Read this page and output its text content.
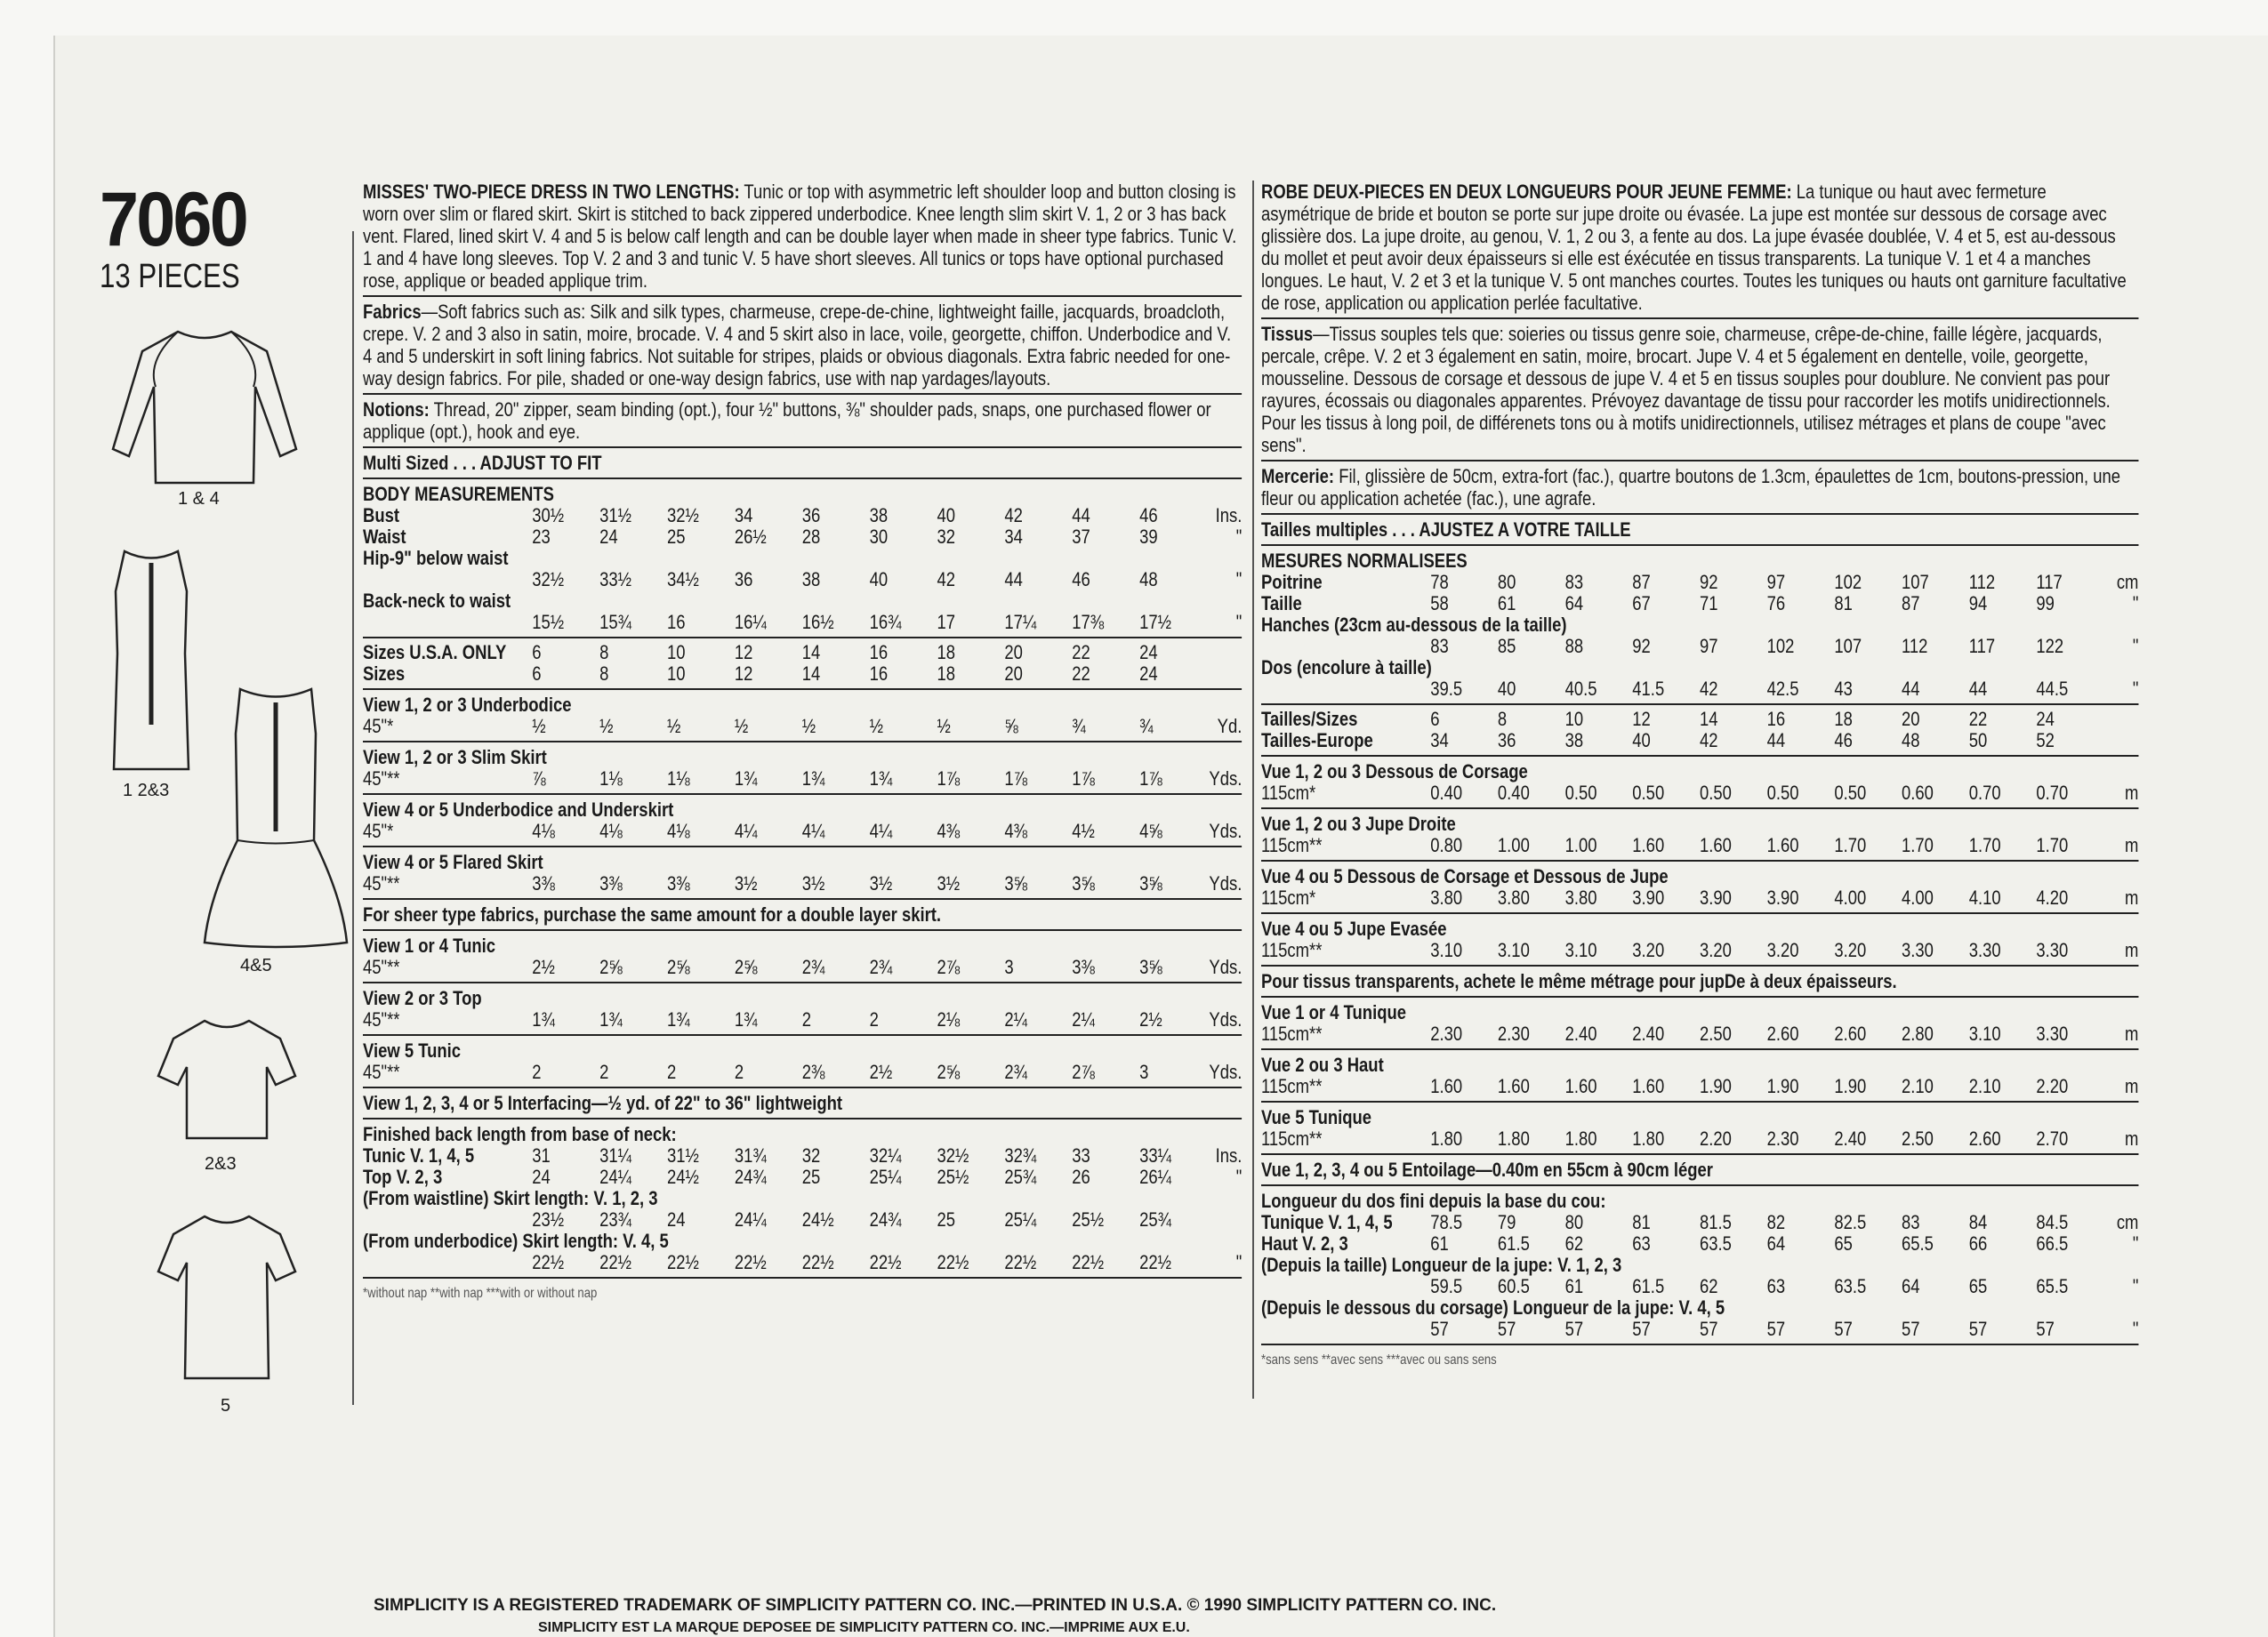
7060
13 PIECES
1 & 4
1 2&3
4&5
2&3
5
MISSES' TWO-PIECE DRESS IN TWO LENGTHS: Tunic or top with asymmetric left shoulder loop and button closing is worn over slim or flared skirt. Skirt is stitched to back zippered underbodice. Knee length slim skirt V. 1, 2 or 3 has back vent. Flared, lined skirt V. 4 and 5 is below calf length and can be double layer when made in sheer type fabrics. Tunic V. 1 and 4 have long sleeves. Top V. 2 and 3 and tunic V. 5 have short sleeves. All tunics or tops have optional purchased rose, applique or beaded applique trim.
Fabrics—Soft fabrics such as: Silk and silk types, charmeuse, crepe-de-chine, lightweight faille, jacquards, broadcloth, crepe. V. 2 and 3 also in satin, moire, brocade. V. 4 and 5 skirt also in lace, voile, georgette, chiffon. Underbodice and V. 4 and 5 underskirt in soft lining fabrics. Not suitable for stripes, plaids or obvious diagonals. Extra fabric needed for one-way design fabrics. For pile, shaded or one-way design fabrics, use with nap yardages/layouts.
Notions: Thread, 20" zipper, seam binding (opt.), four ½" buttons, ⅜" shoulder pads, snaps, one purchased flower or applique (opt.), hook and eye.
Multi Sized . . . ADJUST TO FIT
BODY MEASUREMENTS
Bust	30½	31½	32½	34	36	38	40	42	44	46	Ins.
Waist	23	24	25	26½	28	30	32	34	37	39	"
Hip-9" below waist
32½	33½	34½	36	38	40	42	44	46	48	"
Back-neck to waist
15½	15¾	16	16¼	16½	16¾	17	17¼	17⅜	17½	"
Sizes U.S.A. ONLY	6	8	10	12	14	16	18	20	22	24
Sizes	6	8	10	12	14	16	18	20	22	24
View 1, 2 or 3 Underbodice
45"*	½	½	½	½	½	½	½	⅝	¾	¾	Yd.
View 1, 2 or 3 Slim Skirt
45"**	⅞	1⅛	1⅛	1¾	1¾	1¾	1⅞	1⅞	1⅞	1⅞	Yds.
View 4 or 5 Underbodice and Underskirt
45"*	4⅛	4⅛	4⅛	4¼	4¼	4¼	4⅜	4⅜	4½	4⅝	Yds.
View 4 or 5 Flared Skirt
45"**	3⅜	3⅜	3⅜	3½	3½	3½	3½	3⅝	3⅝	3⅝	Yds.
For sheer type fabrics, purchase the same amount for a double layer skirt.
View 1 or 4 Tunic
45"**	2½	2⅝	2⅝	2⅝	2¾	2¾	2⅞	3	3⅜	3⅝	Yds.
View 2 or 3 Top
45"**	1¾	1¾	1¾	1¾	2	2	2⅛	2¼	2¼	2½	Yds.
View 5 Tunic
45"**	2	2	2	2	2⅜	2½	2⅝	2¾	2⅞	3	Yds.
View 1, 2, 3, 4 or 5 Interfacing—½ yd. of 22" to 36" lightweight
Finished back length from base of neck:
Tunic V. 1, 4, 5	31	31¼	31½	31¾	32	32¼	32½	32¾	33	33¼	Ins.
Top V. 2, 3	24	24¼	24½	24¾	25	25¼	25½	25¾	26	26¼	"
(From waistline) Skirt length: V. 1, 2, 3
23½	23¾	24	24¼	24½	24¾	25	25¼	25½	25¾
(From underbodice) Skirt length: V. 4, 5
22½	22½	22½	22½	22½	22½	22½	22½	22½	22½	"
*without nap **with nap ***with or without nap
ROBE DEUX-PIECES EN DEUX LONGUEURS POUR JEUNE FEMME: La tunique ou haut avec fermeture asymétrique de bride et bouton se porte sur jupe droite ou évasée. La jupe est montée sur dessous de corsage avec glissière dos. La jupe droite, au genou, V. 1, 2 ou 3, a fente au dos. La jupe évasée doublée, V. 4 et 5, est au-dessous du mollet et peut avoir deux épaisseurs si elle est éxécutée en tissus transparents. La tunique V. 1 et 4 a manches longues. Le haut, V. 2 et 3 et la tunique V. 5 ont manches courtes. Toutes les tuniques ou hauts ont garniture facultative de rose, application ou application perlée facultative.
Tissus—Tissus souples tels que: soieries ou tissus genre soie, charmeuse, crêpe-de-chine, faille légère, jacquards, percale, crêpe. V. 2 et 3 également en satin, moire, brocart. Jupe V. 4 et 5 également en dentelle, voile, georgette, mousseline. Dessous de corsage et dessous de jupe V. 4 et 5 en tissus souples pour doublure. Ne convient pas pour rayures, écossais ou diagonales apparentes. Prévoyez davantage de tissu pour raccorder les motifs unidirectionnels. Pour les tissus à long poil, de différenets tons ou à motifs unidirectionnels, utilisez métrages et plans de coupe "avec sens".
Mercerie: Fil, glissière de 50cm, extra-fort (fac.), quartre boutons de 1.3cm, épaulettes de 1cm, boutons-pression, une fleur ou application achetée (fac.), une agrafe.
Tailles multiples . . . AJUSTEZ A VOTRE TAILLE
MESURES NORMALISEES
Poitrine	78	80	83	87	92	97	102	107	112	117	cm
Taille	58	61	64	67	71	76	81	87	94	99	"
Hanches (23cm au-dessous de la taille)
83	85	88	92	97	102	107	112	117	122	"
Dos (encolure à taille)
39.5	40	40.5	41.5	42	42.5	43	44	44	44.5	"
Tailles/Sizes	6	8	10	12	14	16	18	20	22	24
Tailles-Europe	34	36	38	40	42	44	46	48	50	52
Vue 1, 2 ou 3 Dessous de Corsage
115cm*	0.40	0.40	0.50	0.50	0.50	0.50	0.50	0.60	0.70	0.70	m
Vue 1, 2 ou 3 Jupe Droite
115cm**	0.80	1.00	1.00	1.60	1.60	1.60	1.70	1.70	1.70	1.70	m
Vue 4 ou 5 Dessous de Corsage et Dessous de Jupe
115cm*	3.80	3.80	3.80	3.90	3.90	3.90	4.00	4.00	4.10	4.20	m
Vue 4 ou 5 Jupe Evasée
115cm**	3.10	3.10	3.10	3.20	3.20	3.20	3.20	3.30	3.30	3.30	m
Pour tissus transparents, achete le même métrage pour jupDe à deux épaisseurs.
Vue 1 or 4 Tunique
115cm**	2.30	2.30	2.40	2.40	2.50	2.60	2.60	2.80	3.10	3.30	m
Vue 2 ou 3 Haut
115cm**	1.60	1.60	1.60	1.60	1.90	1.90	1.90	2.10	2.10	2.20	m
Vue 5 Tunique
115cm**	1.80	1.80	1.80	1.80	2.20	2.30	2.40	2.50	2.60	2.70	m
Vue 1, 2, 3, 4 ou 5 Entoilage—0.40m en 55cm à 90cm léger
Longueur du dos fini depuis la base du cou:
Tunique V. 1, 4, 5	78.5	79	80	81	81.5	82	82.5	83	84	84.5	cm
Haut V. 2, 3	61	61.5	62	63	63.5	64	65	65.5	66	66.5	"
(Depuis la taille) Longueur de la jupe: V. 1, 2, 3
59.5	60.5	61	61.5	62	63	63.5	64	65	65.5	"
(Depuis le dessous du corsage) Longueur de la jupe: V. 4, 5
57	57	57	57	57	57	57	57	57	57	"
*sans sens **avec sens ***avec ou sans sens
SIMPLICITY IS A REGISTERED TRADEMARK OF SIMPLICITY PATTERN CO. INC.—PRINTED IN U.S.A. © 1990 SIMPLICITY PATTERN CO. INC.
SIMPLICITY EST LA MARQUE DEPOSEE DE SIMPLICITY PATTERN CO. INC.—IMPRIME AUX E.U.
